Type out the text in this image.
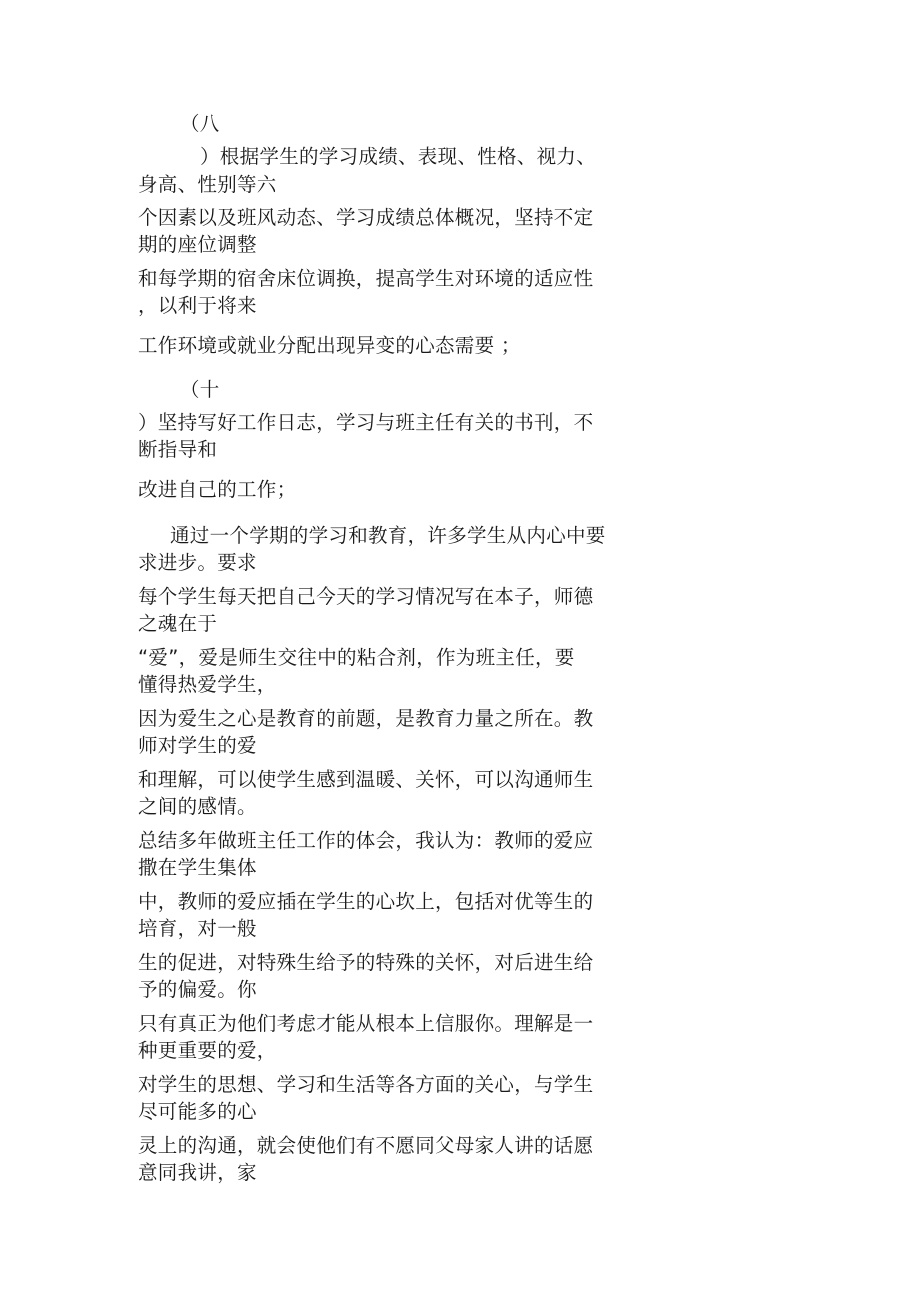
（八
）根据学生的学习成绩、表现、性格、视力、
身高、性别等六
个因素以及班风动态、学习成绩总体概况，坚持不定
期的座位调整
和每学期的宿舍床位调换，提高学生对环境的适应性
，以利于将来
工作环境或就业分配出现异变的心态需要 ；
（十
）坚持写好工作日志，学习与班主任有关的书刊，不
断指导和
改进自己的工作；
通过一个学期的学习和教育，许多学生从内心中要
求进步。要求
每个学生每天把自己今天的学习情况写在本子，师德
之魂在于
“爱”，爱是师生交往中的粘合剂，作为班主任，要
懂得热爱学生，
因为爱生之心是教育的前题，是教育力量之所在。教
师对学生的爱
和理解，可以使学生感到温暖、关怀，可以沟通师生
之间的感情。
总结多年做班主任工作的体会，我认为：教师的爱应
撒在学生集体
中，教师的爱应插在学生的心坎上，包括对优等生的
培育，对一般
生的促进，对特殊生给予的特殊的关怀，对后进生给
予的偏爱。你
只有真正为他们考虑才能从根本上信服你。理解是一
种更重要的爱，
对学生的思想、学习和生活等各方面的关心，与学生
尽可能多的心
灵上的沟通，就会使他们有不愿同父母家人讲的话愿
意同我讲，家
